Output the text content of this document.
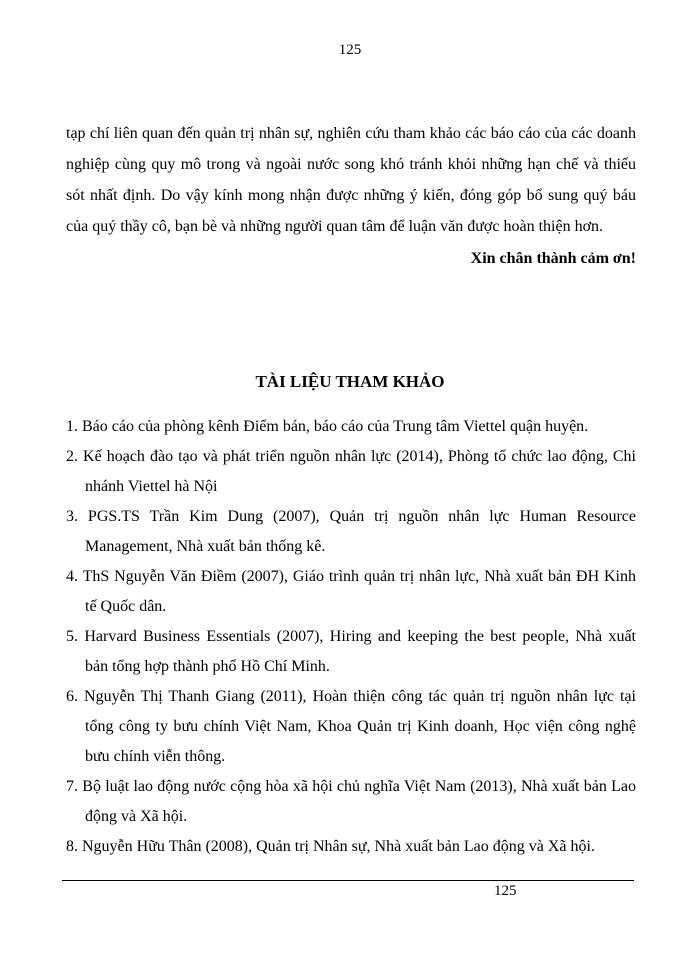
125
tạp chí liên quan đến quản trị nhân sự, nghiên cứu tham khảo các báo cáo của các doanh
nghiệp cùng quy mô trong và ngoài nước song khó tránh khỏi những hạn chế và thiếu
sót nhất định. Do vậy kính mong nhận được những ý kiến, đóng góp bổ sung quý báu
của quý thầy cô, bạn bè và những người quan tâm để luận văn được hoàn thiện hơn.
Xin chân thành cảm ơn!
TÀI LIỆU THAM KHẢO
1. Báo cáo của phòng kênh Điểm bán, báo cáo của Trung tâm Viettel quận huyện.
2. Kế hoạch đào tạo và phát triển nguồn nhân lực (2014), Phòng tổ chức lao động, Chi
nhánh Viettel hà Nội
3. PGS.TS Trần Kim Dung (2007), Quản trị nguồn nhân lực Human Resource
Management, Nhà xuất bản thống kê.
4. ThS Nguyễn Văn Điềm (2007), Giáo trình quản trị nhân lực, Nhà xuất bản ĐH Kinh
tế Quốc dân.
5. Harvard Business Essentials (2007), Hiring and keeping the best people, Nhà xuất
bản tổng hợp thành phố Hồ Chí Minh.
6. Nguyễn Thị Thanh Giang (2011), Hoàn thiện công tác quản trị nguồn nhân lực tại
tổng công ty bưu chính Việt Nam, Khoa Quản trị Kinh doanh, Học viện công nghệ
bưu chính viễn thông.
7. Bộ luật lao động nước cộng hòa xã hội chủ nghĩa Việt Nam (2013), Nhà xuất bản Lao
động và Xã hội.
8. Nguyễn Hữu Thân (2008), Quản trị Nhân sự, Nhà xuất bản Lao động và Xã hội.
125
